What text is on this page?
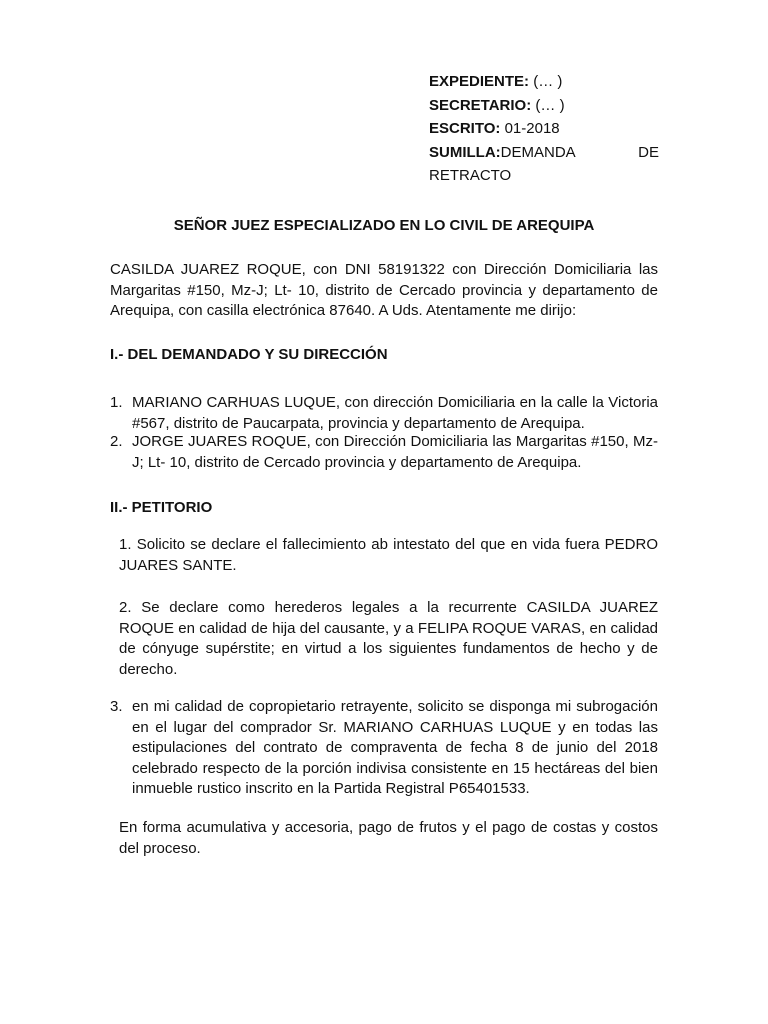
EXPEDIENTE: (… )
SECRETARIO: (… )
ESCRITO: 01-2018
SUMILLA:DEMANDA	DE
RETRACTO
SEÑOR JUEZ ESPECIALIZADO EN LO CIVIL DE AREQUIPA
CASILDA JUAREZ ROQUE, con DNI 58191322 con Dirección Domiciliaria las Margaritas #150, Mz-J; Lt- 10, distrito de Cercado provincia y departamento de Arequipa, con casilla electrónica 87640. A Uds. Atentamente me dirijo:
I.- DEL DEMANDADO Y SU DIRECCIÓN
1. MARIANO CARHUAS LUQUE, con dirección Domiciliaria en la calle la Victoria #567, distrito de Paucarpata, provincia y departamento de Arequipa.
2. JORGE JUARES ROQUE, con Dirección Domiciliaria las Margaritas #150, Mz-J; Lt- 10, distrito de Cercado provincia y departamento de Arequipa.
II.- PETITORIO
1. Solicito se declare el fallecimiento ab intestato del que en vida fuera PEDRO JUARES SANTE.
2. Se declare como herederos legales a la recurrente CASILDA JUAREZ ROQUE en calidad de hija del causante, y a FELIPA ROQUE VARAS, en calidad de cónyuge supérstite; en virtud a los siguientes fundamentos de hecho y de derecho.
3. en mi calidad de copropietario retrayente, solicito se disponga mi subrogación en el lugar del comprador Sr. MARIANO CARHUAS LUQUE y en todas las estipulaciones del contrato de compraventa de fecha 8 de junio del 2018 celebrado respecto de la porción indivisa consistente en 15 hectáreas del bien inmueble rustico inscrito en la Partida Registral P65401533.
En forma acumulativa y accesoria, pago de frutos y el pago de costas y costos del proceso.
